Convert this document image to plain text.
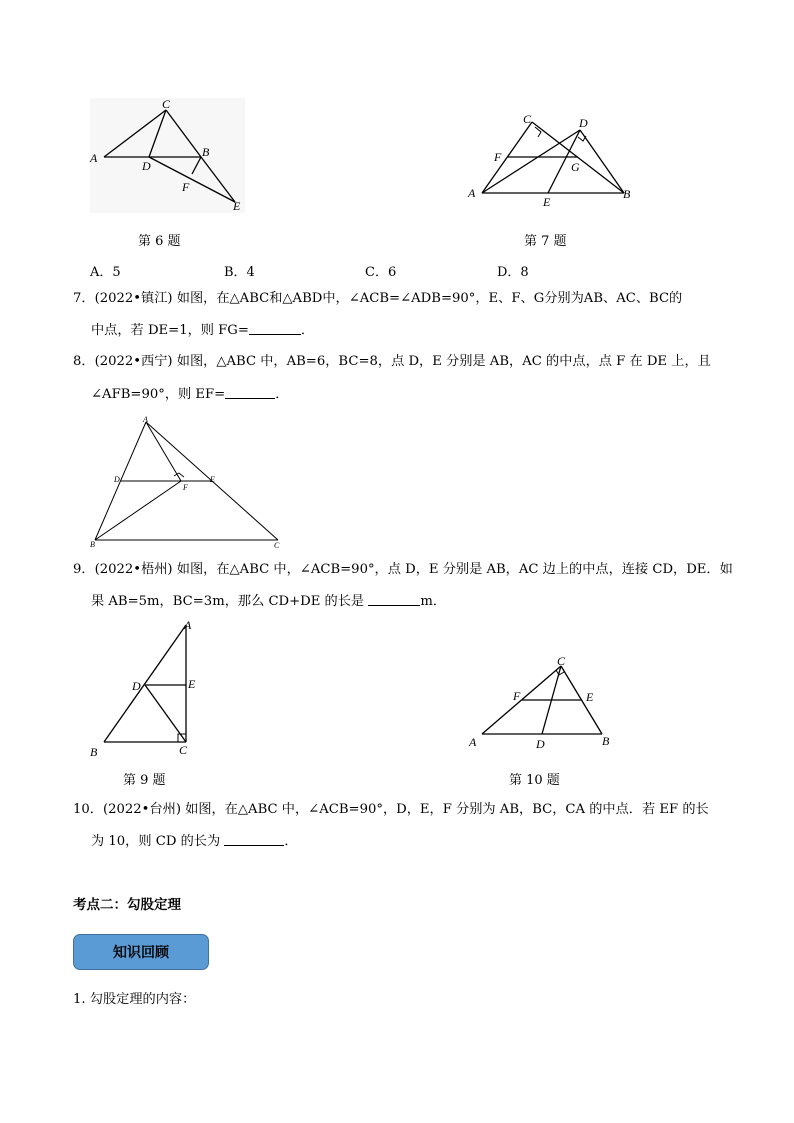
C
A
D
B
F
E
第 6 题
C	D
F
G
A
E
B
第 7 题
A．5	B．4	C．6	D．8
7．(2022•镇江) 如图，在△ABC和△ABD中，∠ACB=∠ADB=90°，E、F、G分别为AB、AC、BC的
中点，若 DE=1，则 FG=	．
8．(2022•西宁) 如图，△ABC 中，AB=6，BC=8，点 D，E 分别是 AB，AC 的中点，点 F 在 DE 上，且
∠AFB=90°，则 EF=	．
A
D	E
F
B	C
9．(2022•梧州) 如图，在△ABC 中，∠ACB=90°，点 D，E 分别是 AB，AC 边上的中点，连接 CD，DE．如
果 AB=5m，BC=3m，那么 CD+DE 的长是	m．
A
D	E
B	C
第 9 题
C
F	E
A	D	B
第 10 题
10．(2022•台州) 如图，在△ABC 中，∠ACB=90°，D，E，F 分别为 AB，BC，CA 的中点．若 EF 的长
为 10，则 CD 的长为	．
考点二：勾股定理
知识回顾
1. 勾股定理的内容：
